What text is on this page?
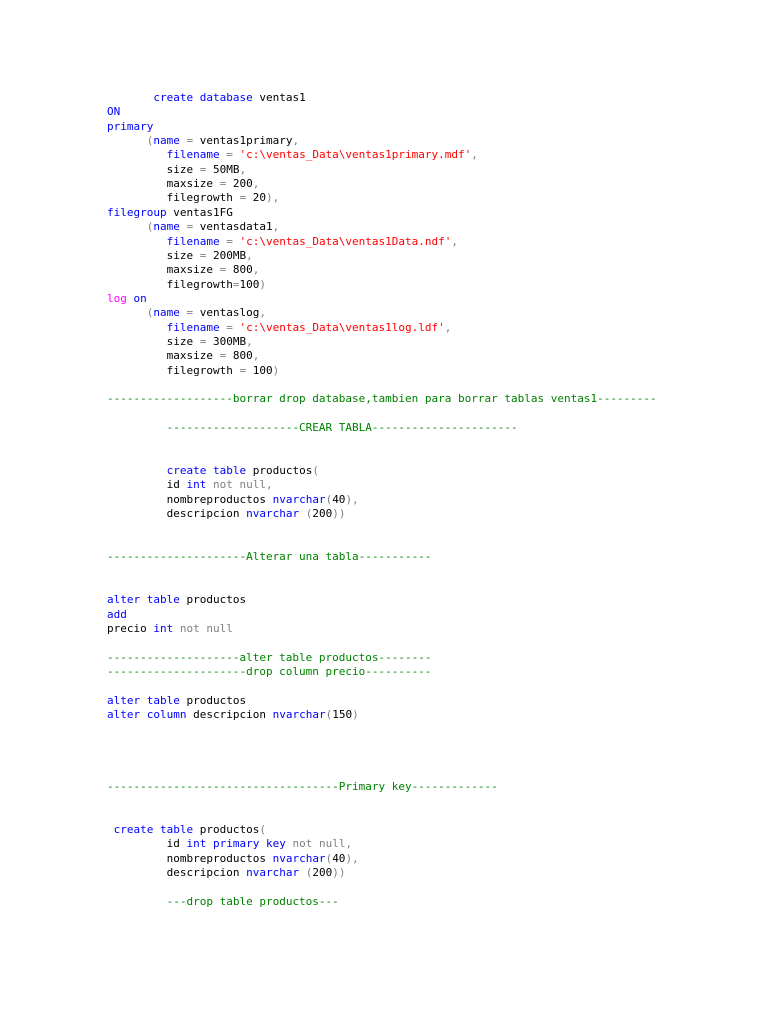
create database ventas1
ON
primary
(name = ventas1primary,
filename = 'c:\ventas_Data\ventas1primary.mdf',
size = 50MB,
maxsize = 200,
filegrowth = 20),
filegroup ventas1FG
(name = ventasdata1,
filename = 'c:\ventas_Data\ventas1Data.ndf',
size = 200MB,
maxsize = 800,
filegrowth=100)
log on
(name = ventaslog,
filename = 'c:\ventas_Data\ventas1log.ldf',
size = 300MB,
maxsize = 800,
filegrowth = 100)
-------------------borrar drop database,tambien para borrar tablas ventas1---------
--------------------CREAR TABLA----------------------
create table productos(
id int not null,
nombreproductos nvarchar(40),
descripcion nvarchar (200))
---------------------Alterar una tabla-----------
alter table productos
add
precio int not null
--------------------alter table productos--------
---------------------drop column precio----------
alter table productos
alter column descripcion nvarchar(150)
-----------------------------------Primary key-------------
create table productos(
id int primary key not null,
nombreproductos nvarchar(40),
descripcion nvarchar (200))
---drop table productos---
